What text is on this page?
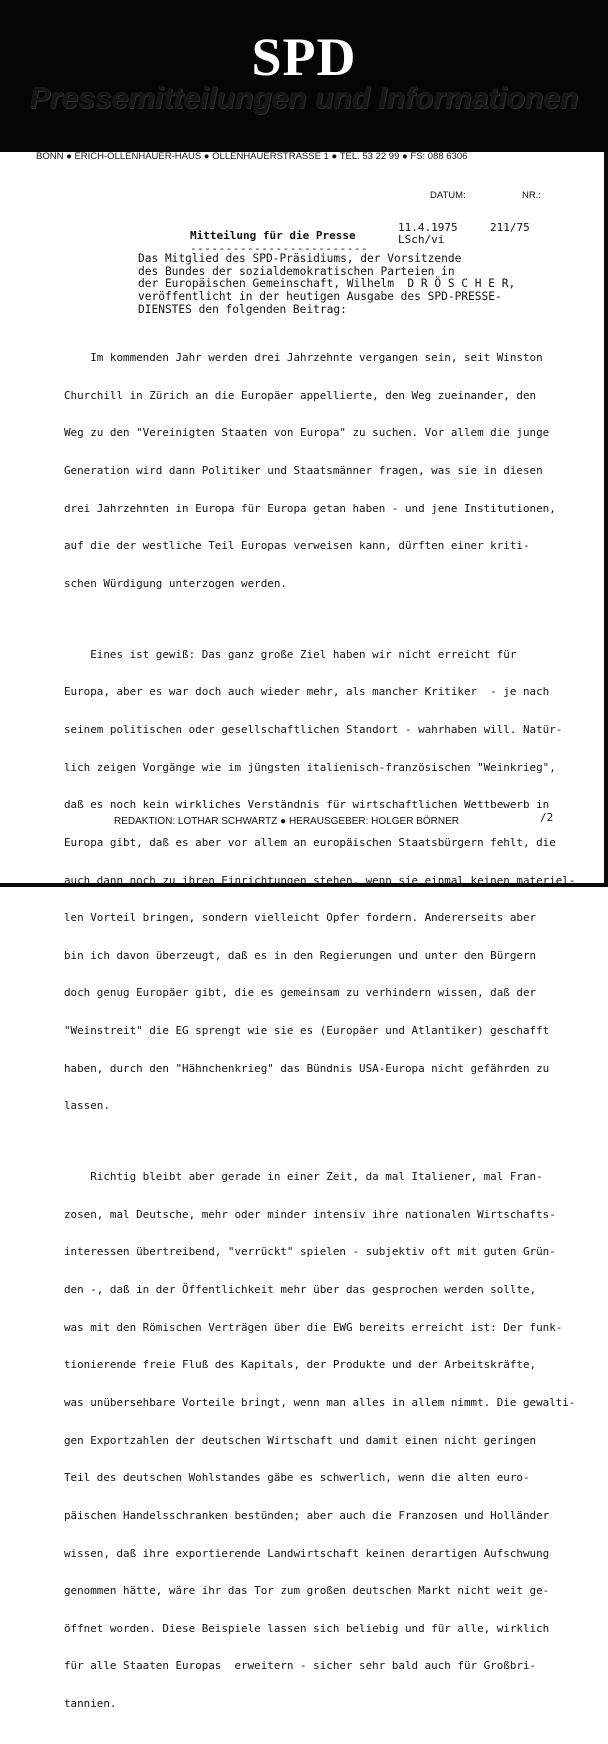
SPD
Pressemitteilungen und Informationen
BONN ● ERICH-OLLENHAUER-HAUS ● OLLENHAUERSTRASSE 1 ● TEL. 53 22 99 ● FS: 088 6306
DATUM:	NR.:
11.4.1975	211/75
LSch/vi
Mitteilung für die Presse
-------------------------
Das Mitglied des SPD-Präsidiums, der Vorsitzende
des Bundes der sozialdemokratischen Parteien in
der Europäischen Gemeinschaft, Wilhelm  D R Ö S C H E R,
veröffentlicht in der heutigen Ausgabe des SPD-PRESSE-
DIENSTES den folgenden Beitrag:

Im kommenden Jahr werden drei Jahrzehnte vergangen sein, seit Winston

Churchill in Zürich an die Europäer appellierte, den Weg zueinander, den

Weg zu den "Vereinigten Staaten von Europa" zu suchen. Vor allem die junge

Generation wird dann Politiker und Staatsmänner fragen, was sie in diesen

drei Jahrzehnten in Europa für Europa getan haben - und jene Institutionen,

auf die der westliche Teil Europas verweisen kann, dürften einer kriti-

schen Würdigung unterzogen werden.

Eines ist gewiß: Das ganz große Ziel haben wir nicht erreicht für

Europa, aber es war doch auch wieder mehr, als mancher Kritiker  - je nach

seinem politischen oder gesellschaftlichen Standort - wahrhaben will. Natür-

lich zeigen Vorgänge wie im jüngsten italienisch-französischen "Weinkrieg",

daß es noch kein wirkliches Verständnis für wirtschaftlichen Wettbewerb in

Europa gibt, daß es aber vor allem an europäischen Staatsbürgern fehlt, die

auch dann noch zu ihren Einrichtungen stehen, wenn sie einmal keinen materiel-

len Vorteil bringen, sondern vielleicht Opfer fordern. Andererseits aber

bin ich davon überzeugt, daß es in den Regierungen und unter den Bürgern

doch genug Europäer gibt, die es gemeinsam zu verhindern wissen, daß der

"Weinstreit" die EG sprengt wie sie es (Europäer und Atlantiker) geschafft

haben, durch den "Hähnchenkrieg" das Bündnis USA-Europa nicht gefährden zu

lassen.

Richtig bleibt aber gerade in einer Zeit, da mal Italiener, mal Fran-

zosen, mal Deutsche, mehr oder minder intensiv ihre nationalen Wirtschafts-

interessen übertreibend, "verrückt" spielen - subjektiv oft mit guten Grün-

den -, daß in der Öffentlichkeit mehr über das gesprochen werden sollte,

was mit den Römischen Verträgen über die EWG bereits erreicht ist: Der funk-

tionierende freie Fluß des Kapitals, der Produkte und der Arbeitskräfte,

was unübersehbare Vorteile bringt, wenn man alles in allem nimmt. Die gewalti-

gen Exportzahlen der deutschen Wirtschaft und damit einen nicht geringen

Teil des deutschen Wohlstandes gäbe es schwerlich, wenn die alten euro-

päischen Handelsschranken bestünden; aber auch die Franzosen und Holländer

wissen, daß ihre exportierende Landwirtschaft keinen derartigen Aufschwung

genommen hätte, wäre ihr das Tor zum großen deutschen Markt nicht weit ge-

öffnet worden. Diese Beispiele lassen sich beliebig und für alle, wirklich

für alle Staaten Europas  erweitern - sicher sehr bald auch für Großbri-

tannien.

/2
REDAKTION: LOTHAR SCHWARTZ ● HERAUSGEBER: HOLGER BÖRNER
